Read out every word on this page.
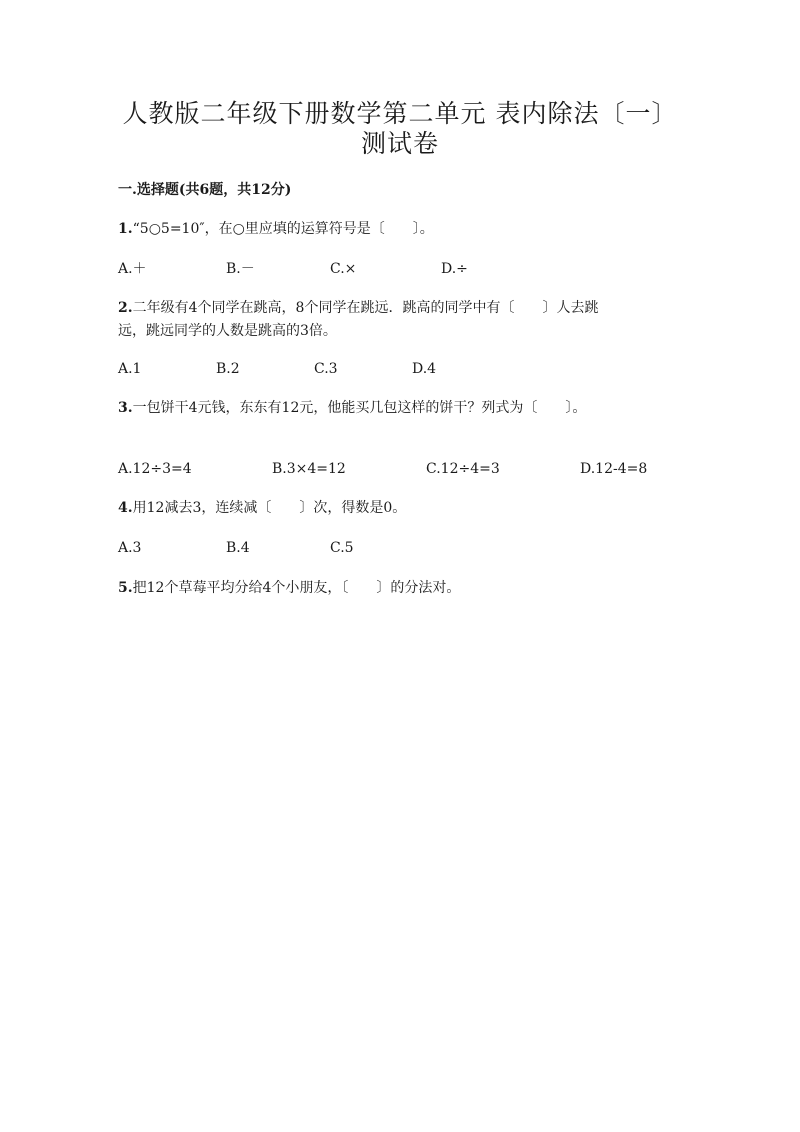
人教版二年级下册数学第二单元 表内除法〔一〕
测试卷
一.选择题(共6题，共12分)
1.“5○5=10″，在○里应填的运算符号是〔　　〕。
A.＋	B.－	C.×	D.÷
2.二年级有4个同学在跳高，8个同学在跳远．跳高的同学中有〔　　〕人去跳
远，跳远同学的人数是跳高的3倍。
A.1	B.2	C.3	D.4
3.一包饼干4元钱，东东有12元，他能买几包这样的饼干？列式为〔　　〕。
A.12÷3=4	B.3×4=12	C.12÷4=3	D.12-4=8
4.用12减去3，连续减〔　　〕次，得数是0。
A.3	B.4	C.5
5.把12个草莓平均分给4个小朋友，〔　　〕的分法对。
